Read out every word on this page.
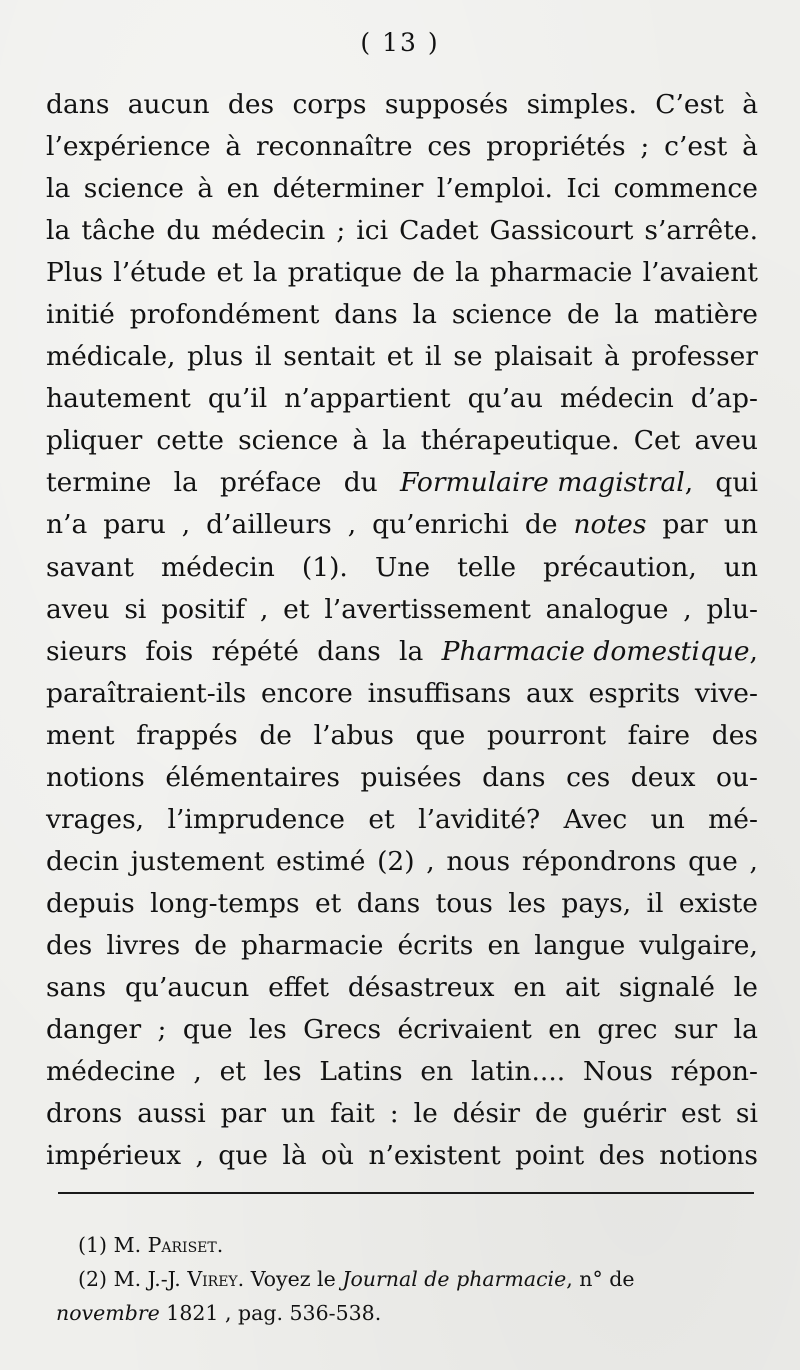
( 13 )
dans aucun des corps supposés simples. C’est à
l’expérience à reconnaître ces propriétés ; c’est à
la science à en déterminer l’emploi. Ici commence
la tâche du médecin ; ici Cadet Gassicourt s’arrête.
Plus l’étude et la pratique de la pharmacie l’avaient
initié profondément dans la science de la matière
médicale, plus il sentait et il se plaisait à professer
hautement qu’il n’appartient qu’au médecin d’ap-
pliquer cette science à la thérapeutique. Cet aveu
termine la préface du Formulaire magistral, qui
n’a paru , d’ailleurs , qu’enrichi de notes par un
savant médecin (1). Une telle précaution, un
aveu si positif , et l’avertissement analogue , plu-
sieurs fois répété dans la Pharmacie domestique,
paraîtraient-ils encore insuffisans aux esprits vive-
ment frappés de l’abus que pourront faire des
notions élémentaires puisées dans ces deux ou-
vrages, l’imprudence et l’avidité? Avec un mé-
decin justement estimé (2) , nous répondrons que ,
depuis long-temps et dans tous les pays, il existe
des livres de pharmacie écrits en langue vulgaire,
sans qu’aucun effet désastreux en ait signalé le
danger ; que les Grecs écrivaient en grec sur la
médecine , et les Latins en latin.... Nous répon-
drons aussi par un fait : le désir de guérir est si
impérieux , que là où n’existent point des notions
(1) M. Pariset.
(2) M. J.-J. Virey. Voyez le Journal de pharmacie, n° de
novembre 1821 , pag. 536-538.
